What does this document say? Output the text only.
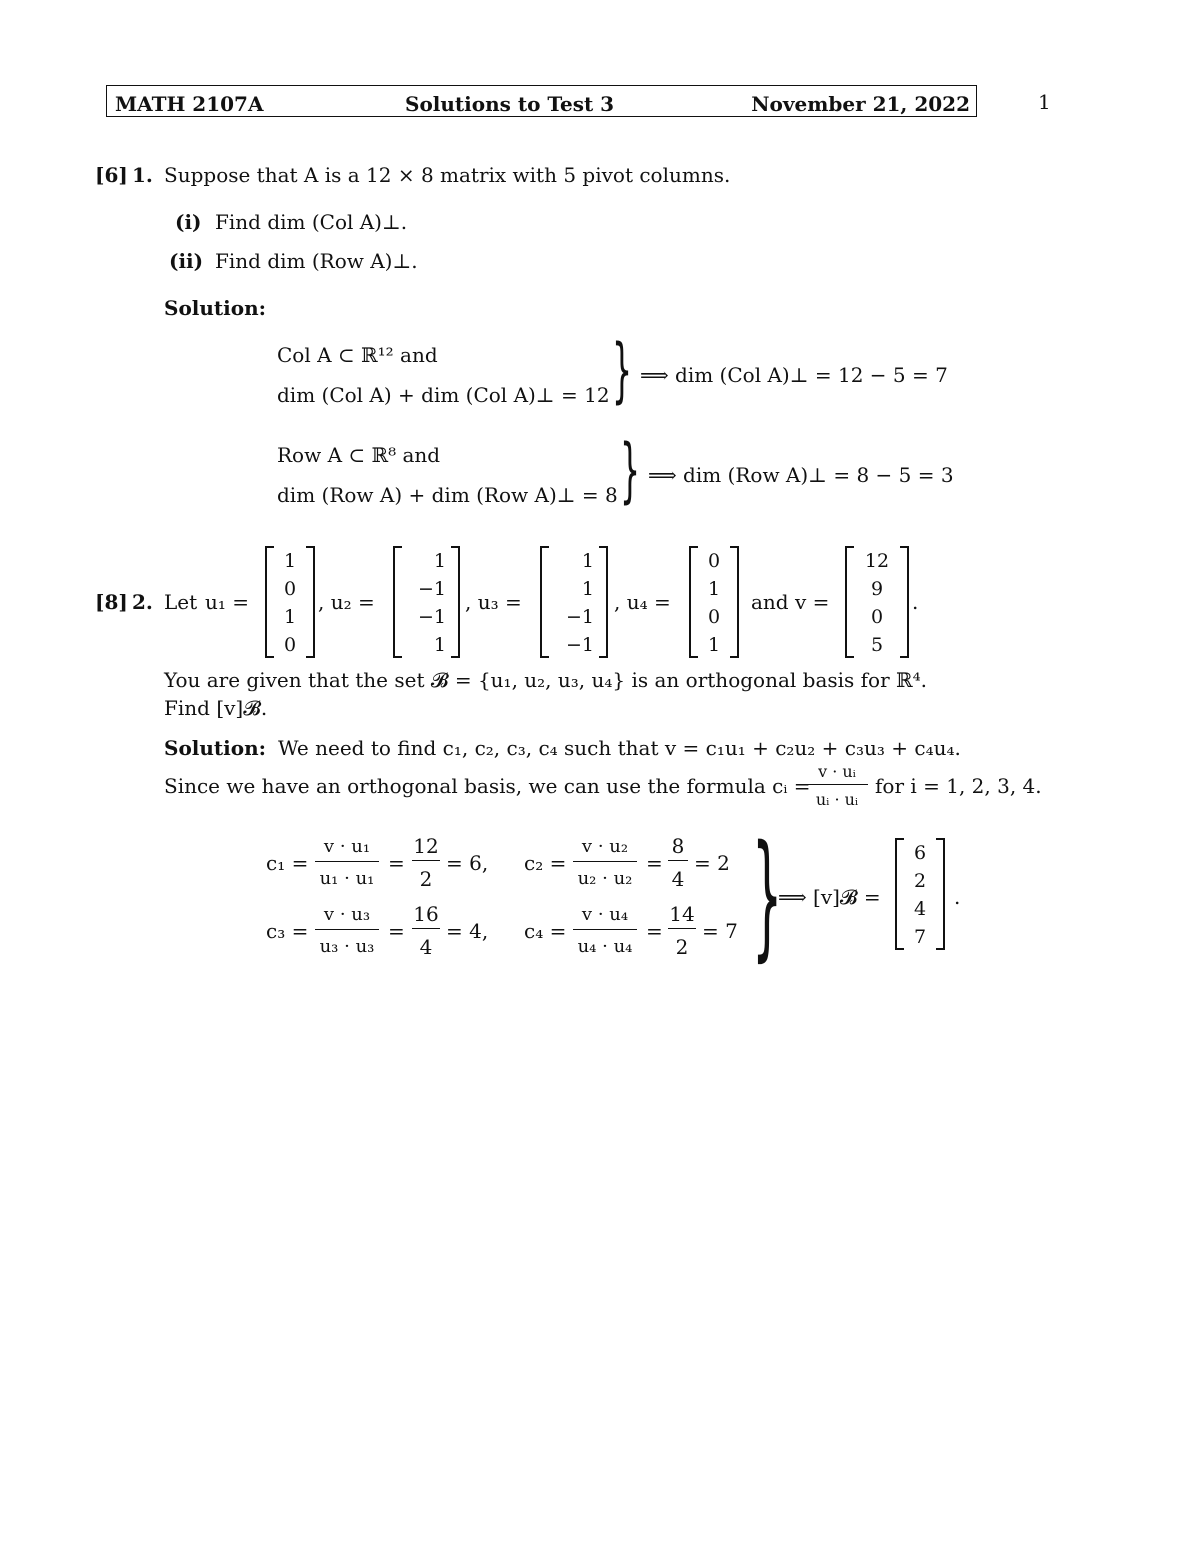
MATH 2107A	Solutions to Test 3	November 21, 2022	1
[6] 1. Suppose that A is a 12 × 8 matrix with 5 pivot columns.
(i) Find dim (Col A)⊥.
(ii) Find dim (Row A)⊥.
Solution:
Col A ⊂ ℝ¹² and
dim (Col A) + dim (Col A)⊥ = 12 } ⟹ dim (Col A)⊥ = 12 − 5 = 7
Row A ⊂ ℝ⁸ and
dim (Row A) + dim (Row A)⊥ = 8 } ⟹ dim (Row A)⊥ = 8 − 5 = 3
[8] 2. Let u₁ =
1
0
1
0
, u₂ =
1
−1
−1
1
, u₃ =
1
1
−1
−1
, u₄ =
0
1
0
1
and v =
12
9
0
5
.
You are given that the set 𝓑 = {u₁, u₂, u₃, u₄} is an orthogonal basis for ℝ⁴.
Find [v]𝓑.
Solution: We need to find c₁, c₂, c₃, c₄ such that v = c₁u₁ + c₂u₂ + c₃u₃ + c₄u₄.
Since we have an orthogonal basis, we can use the formula cᵢ =
v · uᵢ
uᵢ · uᵢ
for i = 1, 2, 3, 4.
c₁ =
v · u₁
u₁ · u₁
=
12
2
= 6, c₂ =
v · u₂
u₂ · u₂
=
8
4
= 2
c₃ =
v · u₃
u₃ · u₃
=
16
4
= 4, c₄ =
v · u₄
u₄ · u₄
=
14
2
= 7 }
⟹ [v]𝓑 =
6
2
4
7
.
